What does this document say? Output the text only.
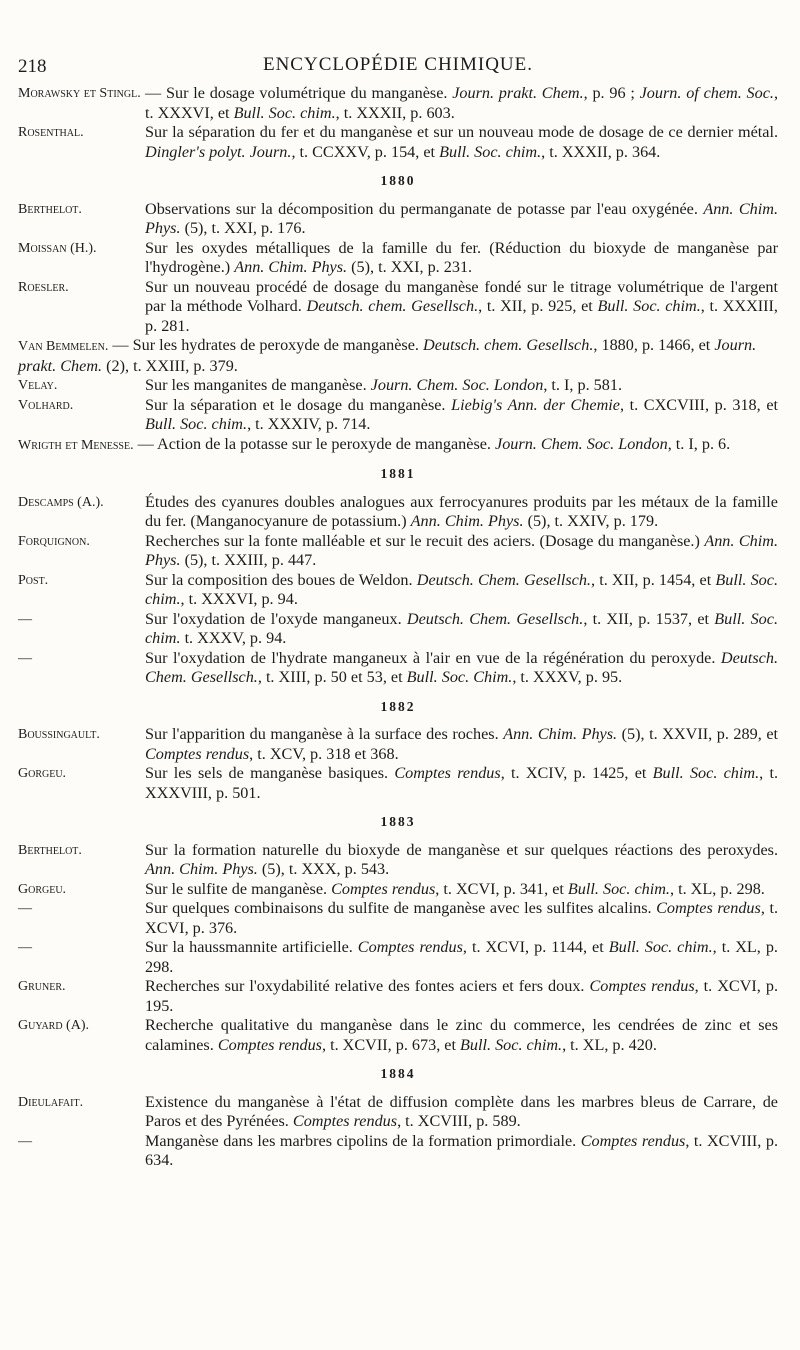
218	ENCYCLOPÉDIE CHIMIQUE.
Morawsky et Stingl. — Sur le dosage volumétrique du manganèse. Journ. prakt. Chem., p. 96 ; Journ. of chem. Soc., t. XXXVI, et Bull. Soc. chim., t. XXXII, p. 603.
Rosenthal.	Sur la séparation du fer et du manganèse et sur un nouveau mode de dosage de ce dernier métal. Dingler's polyt. Journ., t. CCXXV, p. 154, et Bull. Soc. chim., t. XXXII, p. 364.
1880
Berthelot.	Observations sur la décomposition du permanganate de potasse par l'eau oxygénée. Ann. Chim. Phys. (5), t. XXI, p. 176.
Moissan (H.).	Sur les oxydes métalliques de la famille du fer. (Réduction du bioxyde de manganèse par l'hydrogène.) Ann. Chim. Phys. (5), t. XXI, p. 231.
Roesler.	Sur un nouveau procédé de dosage du manganèse fondé sur le titrage volumétrique de l'argent par la méthode Volhard. Deutsch. chem. Gesellsch., t. XII, p. 925, et Bull. Soc. chim., t. XXXIII, p. 281.
Van Bemmelen. — Sur les hydrates de peroxyde de manganèse. Deutsch. chem. Gesellsch., 1880, p. 1466, et Journ. prakt. Chem. (2), t. XXIII, p. 379.
Velay.	Sur les manganites de manganèse. Journ. Chem. Soc. London, t. I, p. 581.
Volhard.	Sur la séparation et le dosage du manganèse. Liebig's Ann. der Chemie, t. CXCVIII, p. 318, et Bull. Soc. chim., t. XXXIV, p. 714.
Wrigth et Menesse. — Action de la potasse sur le peroxyde de manganèse. Journ. Chem. Soc. London, t. I, p. 6.
1881
Descamps (A.).	Études des cyanures doubles analogues aux ferrocyanures produits par les métaux de la famille du fer. (Manganocyanure de potassium.) Ann. Chim. Phys. (5), t. XXIV, p. 179.
Forquignon.	Recherches sur la fonte malléable et sur le recuit des aciers. (Dosage du manganèse.) Ann. Chim. Phys. (5), t. XXIII, p. 447.
Post.	Sur la composition des boues de Weldon. Deutsch. Chem. Gesellsch., t. XII, p. 1454, et Bull. Soc. chim., t. XXXVI, p. 94.
—	Sur l'oxydation de l'oxyde manganeux. Deutsch. Chem. Gesellsch., t. XII, p. 1537, et Bull. Soc. chim. t. XXXV, p. 94.
—	Sur l'oxydation de l'hydrate manganeux à l'air en vue de la régénération du peroxyde. Deutsch. Chem. Gesellsch., t. XIII, p. 50 et 53, et Bull. Soc. Chim., t. XXXV, p. 95.
1882
Boussingault.	Sur l'apparition du manganèse à la surface des roches. Ann. Chim. Phys. (5), t. XXVII, p. 289, et Comptes rendus, t. XCV, p. 318 et 368.
Gorgeu.	Sur les sels de manganèse basiques. Comptes rendus, t. XCIV, p. 1425, et Bull. Soc. chim., t. XXXVIII, p. 501.
1883
Berthelot.	Sur la formation naturelle du bioxyde de manganèse et sur quelques réactions des peroxydes. Ann. Chim. Phys. (5), t. XXX, p. 543.
Gorgeu.	Sur le sulfite de manganèse. Comptes rendus, t. XCVI, p. 341, et Bull. Soc. chim., t. XL, p. 298.
—	Sur quelques combinaisons du sulfite de manganèse avec les sulfites alcalins. Comptes rendus, t. XCVI, p. 376.
—	Sur la haussmannite artificielle. Comptes rendus, t. XCVI, p. 1144, et Bull. Soc. chim., t. XL, p. 298.
Gruner.	Recherches sur l'oxydabilité relative des fontes aciers et fers doux. Comptes rendus, t. XCVI, p. 195.
Guyard (A).	Recherche qualitative du manganèse dans le zinc du commerce, les cendrées de zinc et ses calamines. Comptes rendus, t. XCVII, p. 673, et Bull. Soc. chim., t. XL, p. 420.
1884
Dieulafait.	Existence du manganèse à l'état de diffusion complète dans les marbres bleus de Carrare, de Paros et des Pyrénées. Comptes rendus, t. XCVIII, p. 589.
—	Manganèse dans les marbres cipolins de la formation primordiale. Comptes rendus, t. XCVIII, p. 634.
